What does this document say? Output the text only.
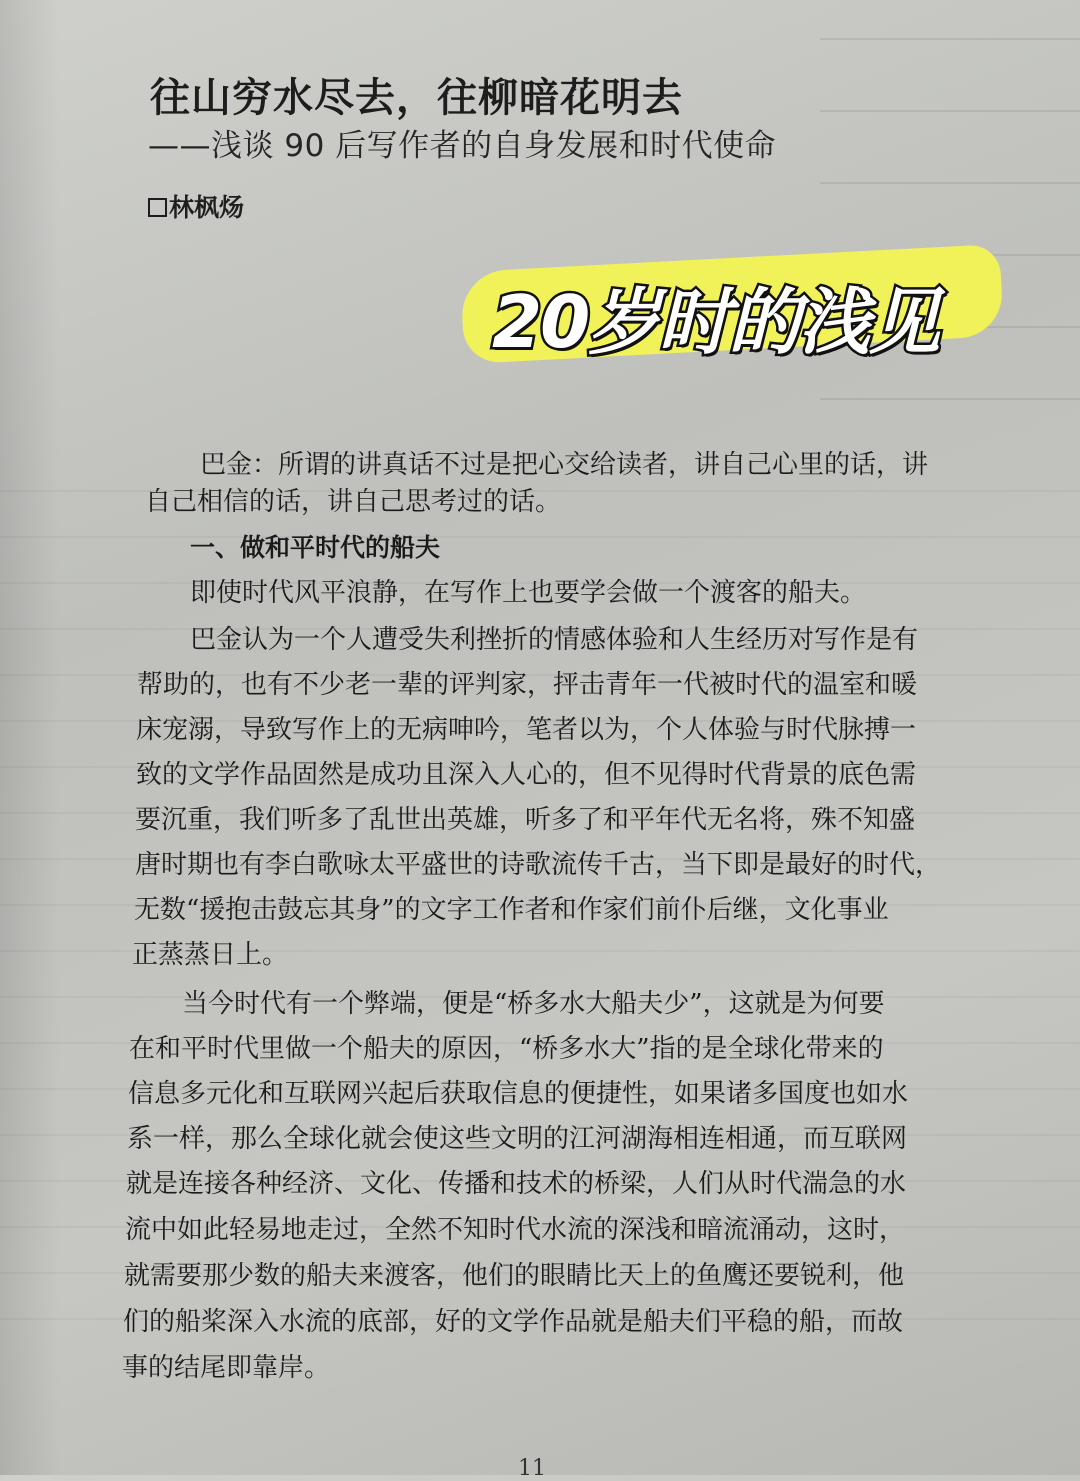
往山穷水尽去，往柳暗花明去
——浅谈 90 后写作者的自身发展和时代使命
林枫炀
20岁时的浅见
巴金：所谓的讲真话不过是把心交给读者，讲自己心里的话，讲
自己相信的话，讲自己思考过的话。
一、做和平时代的船夫
即使时代风平浪静，在写作上也要学会做一个渡客的船夫。
巴金认为一个人遭受失利挫折的情感体验和人生经历对写作是有
帮助的，也有不少老一辈的评判家，抨击青年一代被时代的温室和暖
床宠溺，导致写作上的无病呻吟，笔者以为，个人体验与时代脉搏一
致的文学作品固然是成功且深入人心的，但不见得时代背景的底色需
要沉重，我们听多了乱世出英雄，听多了和平年代无名将，殊不知盛
唐时期也有李白歌咏太平盛世的诗歌流传千古，当下即是最好的时代，
无数“援抱击鼓忘其身”的文字工作者和作家们前仆后继，文化事业
正蒸蒸日上。
当今时代有一个弊端，便是“桥多水大船夫少”，这就是为何要
在和平时代里做一个船夫的原因，“桥多水大”指的是全球化带来的
信息多元化和互联网兴起后获取信息的便捷性，如果诸多国度也如水
系一样，那么全球化就会使这些文明的江河湖海相连相通，而互联网
就是连接各种经济、文化、传播和技术的桥梁，人们从时代湍急的水
流中如此轻易地走过，全然不知时代水流的深浅和暗流涌动，这时，
就需要那少数的船夫来渡客，他们的眼睛比天上的鱼鹰还要锐利，他
们的船桨深入水流的底部，好的文学作品就是船夫们平稳的船，而故
事的结尾即靠岸。
11
